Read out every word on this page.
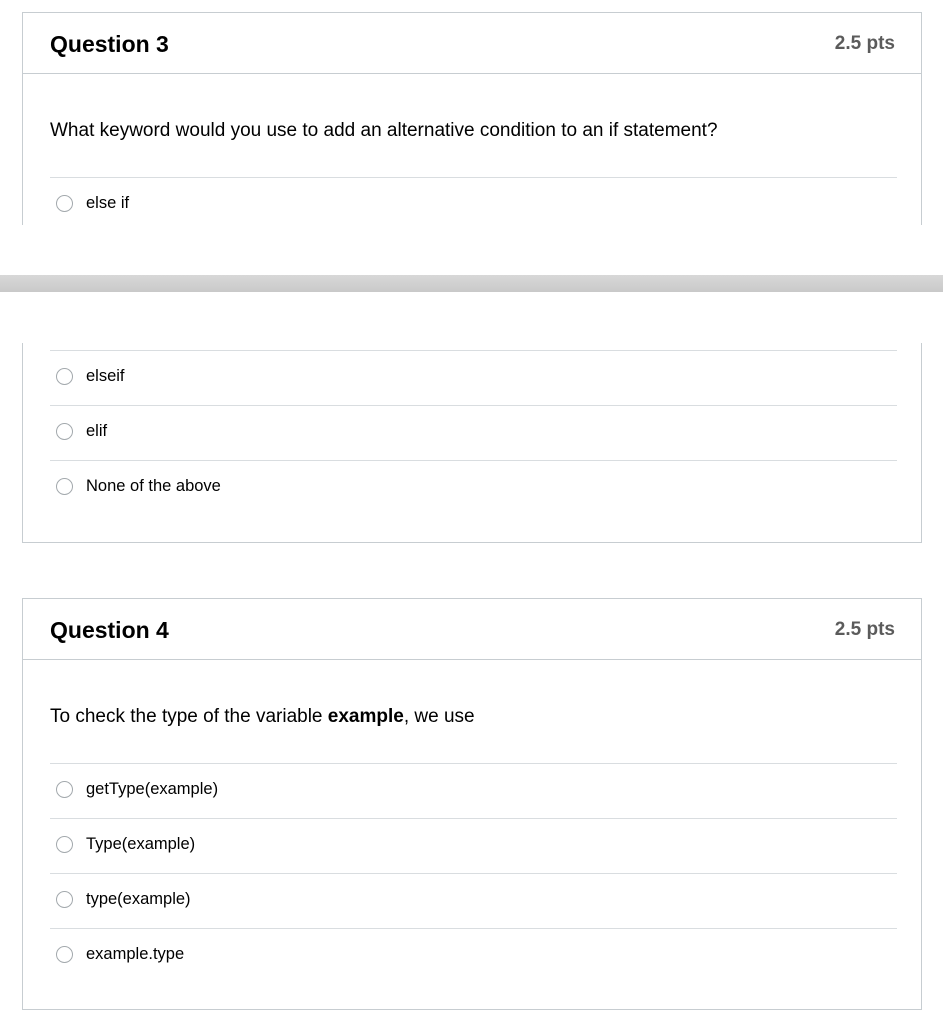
Question 3	2.5 pts
What keyword would you use to add an alternative condition to an if statement?
else if
elseif
elif
None of the above
Question 4	2.5 pts
To check the type of the variable example, we use
getType(example)
Type(example)
type(example)
example.type
